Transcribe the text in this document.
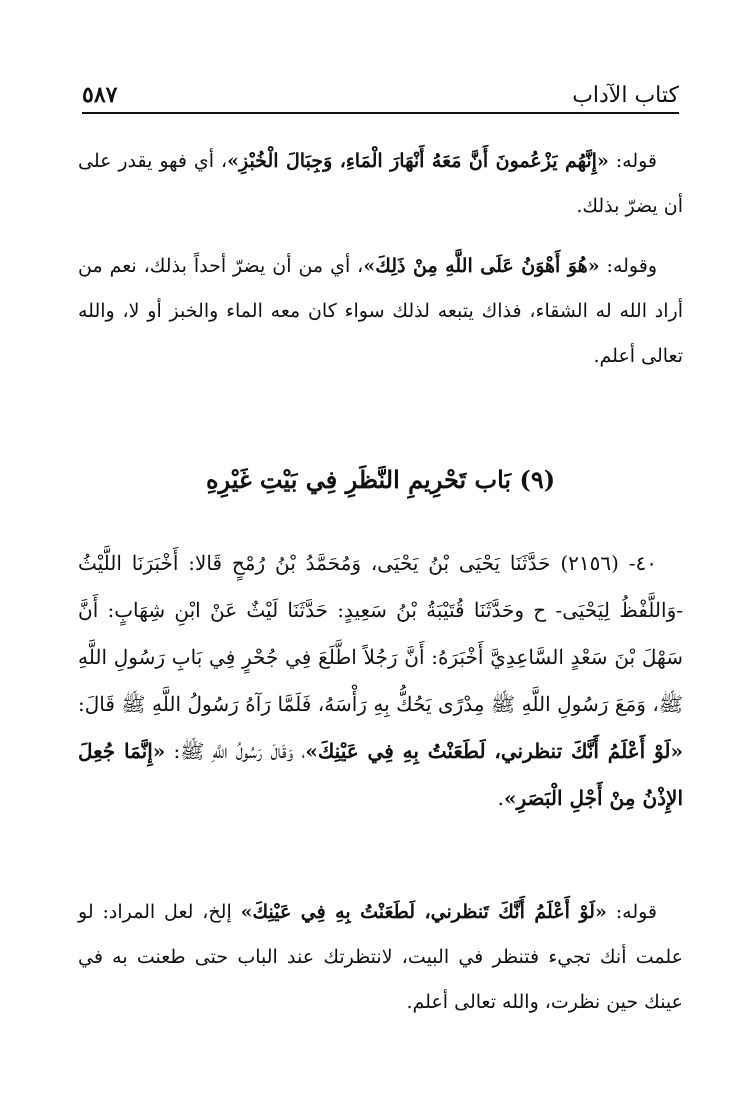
كتاب الآداب
٥٨٧

قوله: «إِنَّهُم يَزْعُمونَ أَنَّ مَعَهُ أَنْهَارَ الْمَاءِ، وَجِبَالَ الْخُبْزِ»، أي فهو يقدر على أن يضرّ بذلك.

وقوله: «هُوَ أَهْوَنُ عَلَى اللَّهِ مِنْ ذَلِكَ»، أي من أن يضرّ أحداً بذلك، نعم من أراد الله له الشقاء، فذاك يتبعه لذلك سواء كان معه الماء والخبز أو لا، والله تعالى أعلم.

(٩) بَاب تَحْرِيمِ النَّظَرِ فِي بَيْتِ غَيْرِهِ

٤٠- (٢١٥٦) حَدَّثَنَا يَحْيَى بْنُ يَحْيَى، وَمُحَمَّدُ بْنُ رُمْحٍ قَالا: أَخْبَرَنَا اللَّيْثُ -وَاللَّفْظُ لِيَحْيَى- ح وحَدَّثَنَا قُتَيْبَةُ بْنُ سَعِيدٍ: حَدَّثَنَا لَيْثٌ عَنْ ابْنِ شِهَابٍ: أَنَّ سَهْلَ بْنَ سَعْدٍ السَّاعِدِيَّ أَخْبَرَهُ: أَنَّ رَجُلاً اطَّلَعَ فِي جُحْرٍ فِي بَابِ رَسُولِ اللَّهِ ﷺ، وَمَعَ رَسُولِ اللَّهِ ﷺ مِدْرًى يَحُكُّ بِهِ رَأْسَهُ، فَلَمَّا رَآهُ رَسُولُ اللَّهِ ﷺ قَالَ: «لَوْ أَعْلَمُ أَنَّكَ تنظرني، لَطَعَنْتُ بِهِ فِي عَيْنِكَ»، وَقَالَ رَسُولُ اللَّهِ ﷺ: «إِنَّمَا جُعِلَ الإِذْنُ مِنْ أَجْلِ الْبَصَرِ».

قوله: «لَوْ أَعْلَمُ أَنَّكَ تَنظرني، لَطَعَنْتُ بِهِ فِي عَيْنِكَ» إلخ، لعل المراد: لو علمت أنك تجيء فتنظر في البيت، لانتظرتك عند الباب حتى طعنت به في عينك حين نظرت، والله تعالى أعلم.
